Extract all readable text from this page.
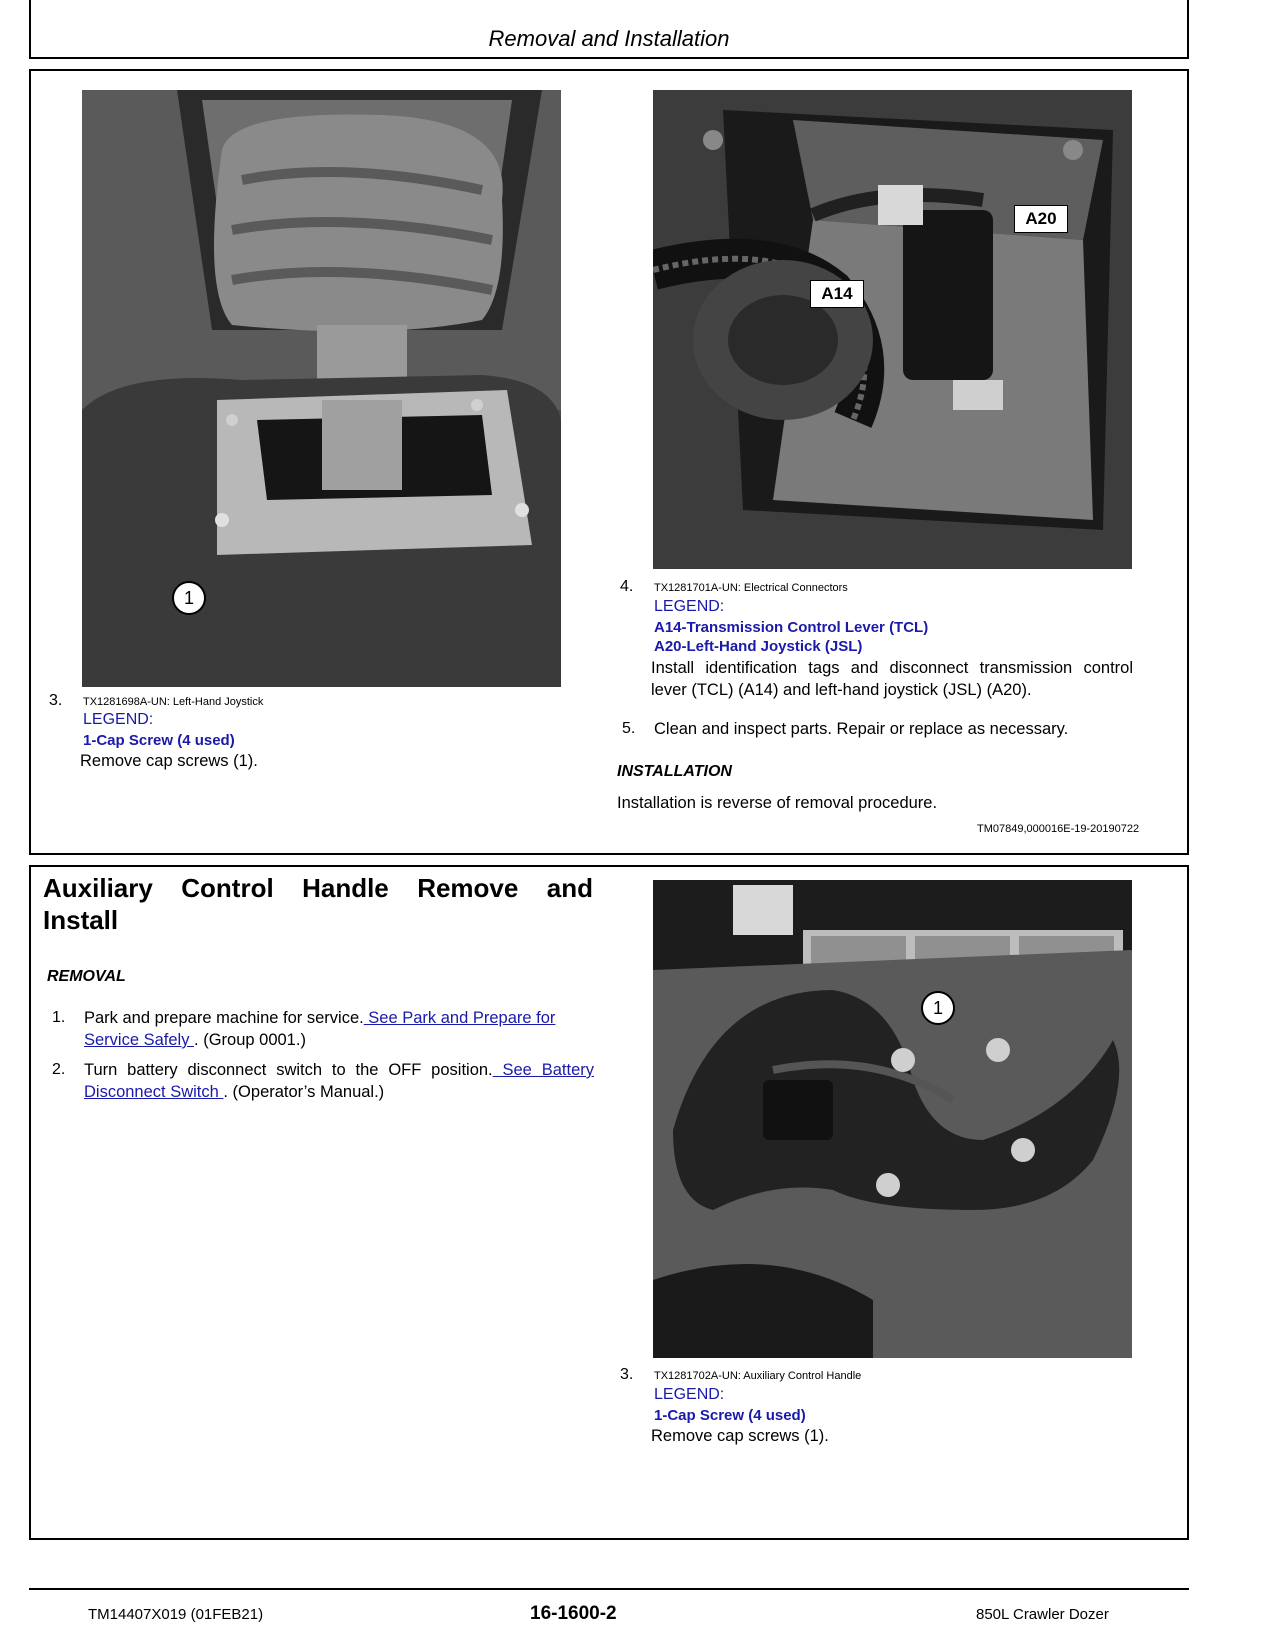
Removal and Installation
1
3. TX1281698A-UN: Left-Hand Joystick
LEGEND:
1-Cap Screw (4 used)
Remove cap screws (1).
A20
A14
4. TX1281701A-UN: Electrical Connectors
LEGEND:
A14-Transmission Control Lever (TCL)
A20-Left-Hand Joystick (JSL)
Install identification tags and disconnect transmission control lever (TCL) (A14) and left-hand joystick (JSL) (A20).
5. Clean and inspect parts. Repair or replace as necessary.
INSTALLATION
Installation is reverse of removal procedure.
TM07849,000016E-19-20190722
Auxiliary Control Handle Remove and
Install
REMOVAL
1. Park and prepare machine for service. See Park and Prepare for Service Safely . (Group 0001.)
2. Turn battery disconnect switch to the OFF position. See Battery Disconnect Switch . (Operator’s Manual.)
1
3. TX1281702A-UN: Auxiliary Control Handle
LEGEND:
1-Cap Screw (4 used)
Remove cap screws (1).
TM14407X019 (01FEB21)	16-1600-2	850L Crawler Dozer
